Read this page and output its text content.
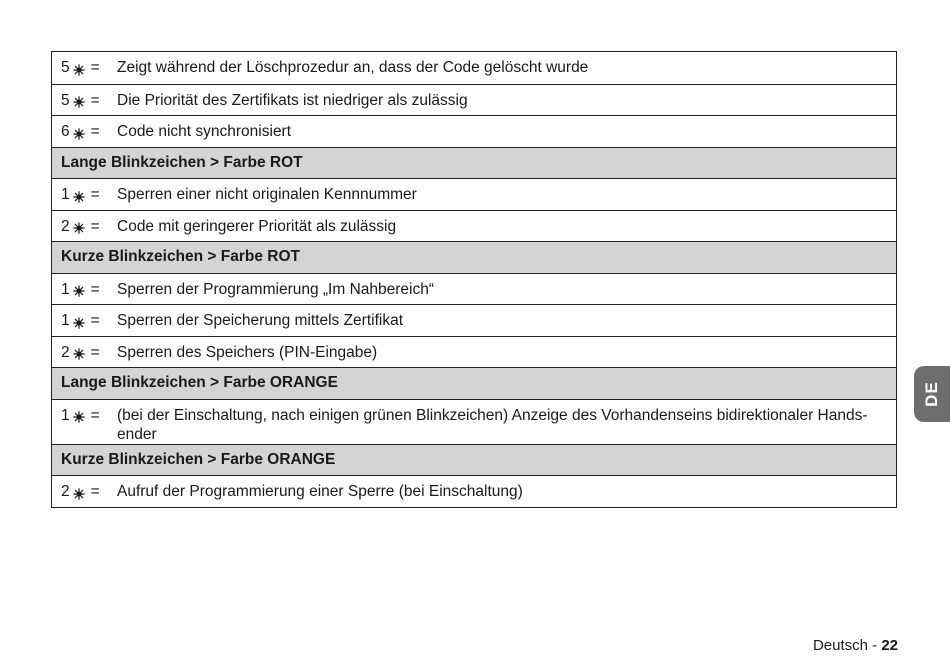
5 = Zeigt während der Löschprozedur an, dass der Code gelöscht wurde
5 = Die Priorität des Zertifikats ist niedriger als zulässig
6 = Code nicht synchronisiert
Lange Blinkzeichen > Farbe ROT
1 = Sperren einer nicht originalen Kennnummer
2 = Code mit geringerer Priorität als zulässig
Kurze Blinkzeichen > Farbe ROT
1 = Sperren der Programmierung „Im Nahbereich“
1 = Sperren der Speicherung mittels Zertifikat
2 = Sperren des Speichers (PIN-Eingabe)
Lange Blinkzeichen > Farbe ORANGE
1 = (bei der Einschaltung, nach einigen grünen Blinkzeichen) Anzeige des Vorhandenseins bidirektionaler Hands-ender
Kurze Blinkzeichen > Farbe ORANGE
2 = Aufruf der Programmierung einer Sperre (bei Einschaltung)
DE
Deutsch - 22
